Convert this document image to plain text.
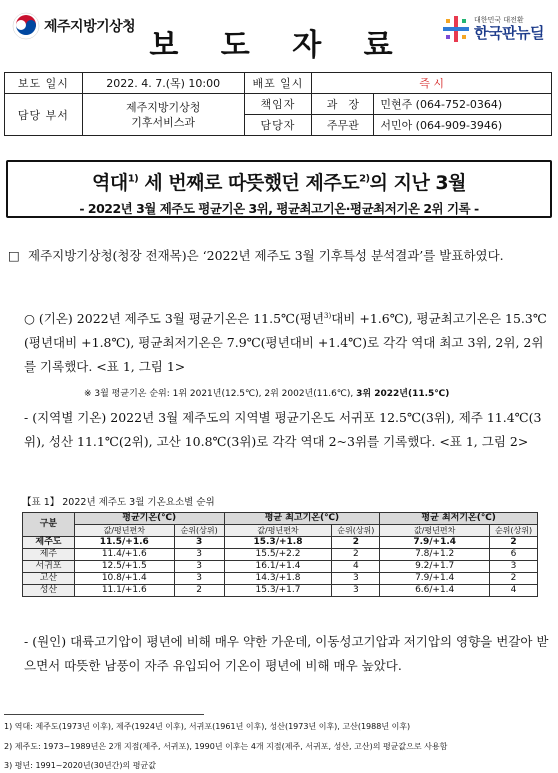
제주지방기상청
보 도 자 료
대한민국 대전환
한국판뉴딜
보도 일시	2022. 4. 7.(목) 10:00	배포 일시	즉 시	
담당 부서	제주지방기상청
기후서비스과	책임자	과　장	민현주 (064-752-0364)
		담당자	주무관	서민아 (064-909-3946)
역대$^{1)}$ 세 번째로 따뜻했던 제주도$^{2)}$의 지난 3월
- 2022년 3월 제주도 평균기온 3위, 평균최고기온·평균최저기온 2위 기록 -
□ 제주지방기상청(청장 전재목)은 ‘2022년 제주도 3월 기후특성 분석결과’를 발표하였다.
○ (기온) 2022년 제주도 3월 평균기온은 11.5℃(평년$^{3)}$대비 +1.6℃), 평균최고기온은 15.3℃(평년대비 +1.8℃), 평균최저기온은 7.9℃(평년대비 +1.4℃)로 각각 역대 최고 3위, 2위, 2위를 기록했다. <표 1, 그림 1>
※ 3월 평균기온 순위: 1위 2021년(12.5℃), 2위 2002년(11.6℃), 3위 2022년(11.5℃)
- (지역별 기온) 2022년 3월 제주도의 지역별 평균기온도 서귀포 12.5℃(3위), 제주 11.4℃(3위), 성산 11.1℃(2위), 고산 10.8℃(3위)로 각각 역대 2~3위를 기록했다. <표 1, 그림 2>
【표 1】 2022년 제주도 3월 기온요소별 순위
구분	평균기온(℃)		평균 최고기온(℃)		평균 최저기온(℃)	
	값/평년편차	순위(상위)	값/평년편차	순위(상위)	값/평년편차	순위(상위)
제주도	11.5/+1.6	3	15.3/+1.8	2	7.9/+1.4	2
제주	11.4/+1.6	3	15.5/+2.2	2	7.8/+1.2	6
서귀포	12.5/+1.5	3	16.1/+1.4	4	9.2/+1.7	3
고산	10.8/+1.4	3	14.3/+1.8	3	7.9/+1.4	2
성산	11.1/+1.6	2	15.3/+1.7	3	6.6/+1.4	4
- (원인) 대륙고기압이 평년에 비해 매우 약한 가운데, 이동성고기압과 저기압의 영향을 번갈아 받으면서 따뜻한 남풍이 자주 유입되어 기온이 평년에 비해 매우 높았다.
1) 역대: 제주도(1973년 이후), 제주(1924년 이후), 서귀포(1961년 이후), 성산(1973년 이후), 고산(1988년 이후)
2) 제주도: 1973~1989년은 2개 지점(제주, 서귀포), 1990년 이후는 4개 지점(제주, 서귀포, 성산, 고산)의 평균값으로 사용함
3) 평년: 1991~2020년(30년간)의 평균값
